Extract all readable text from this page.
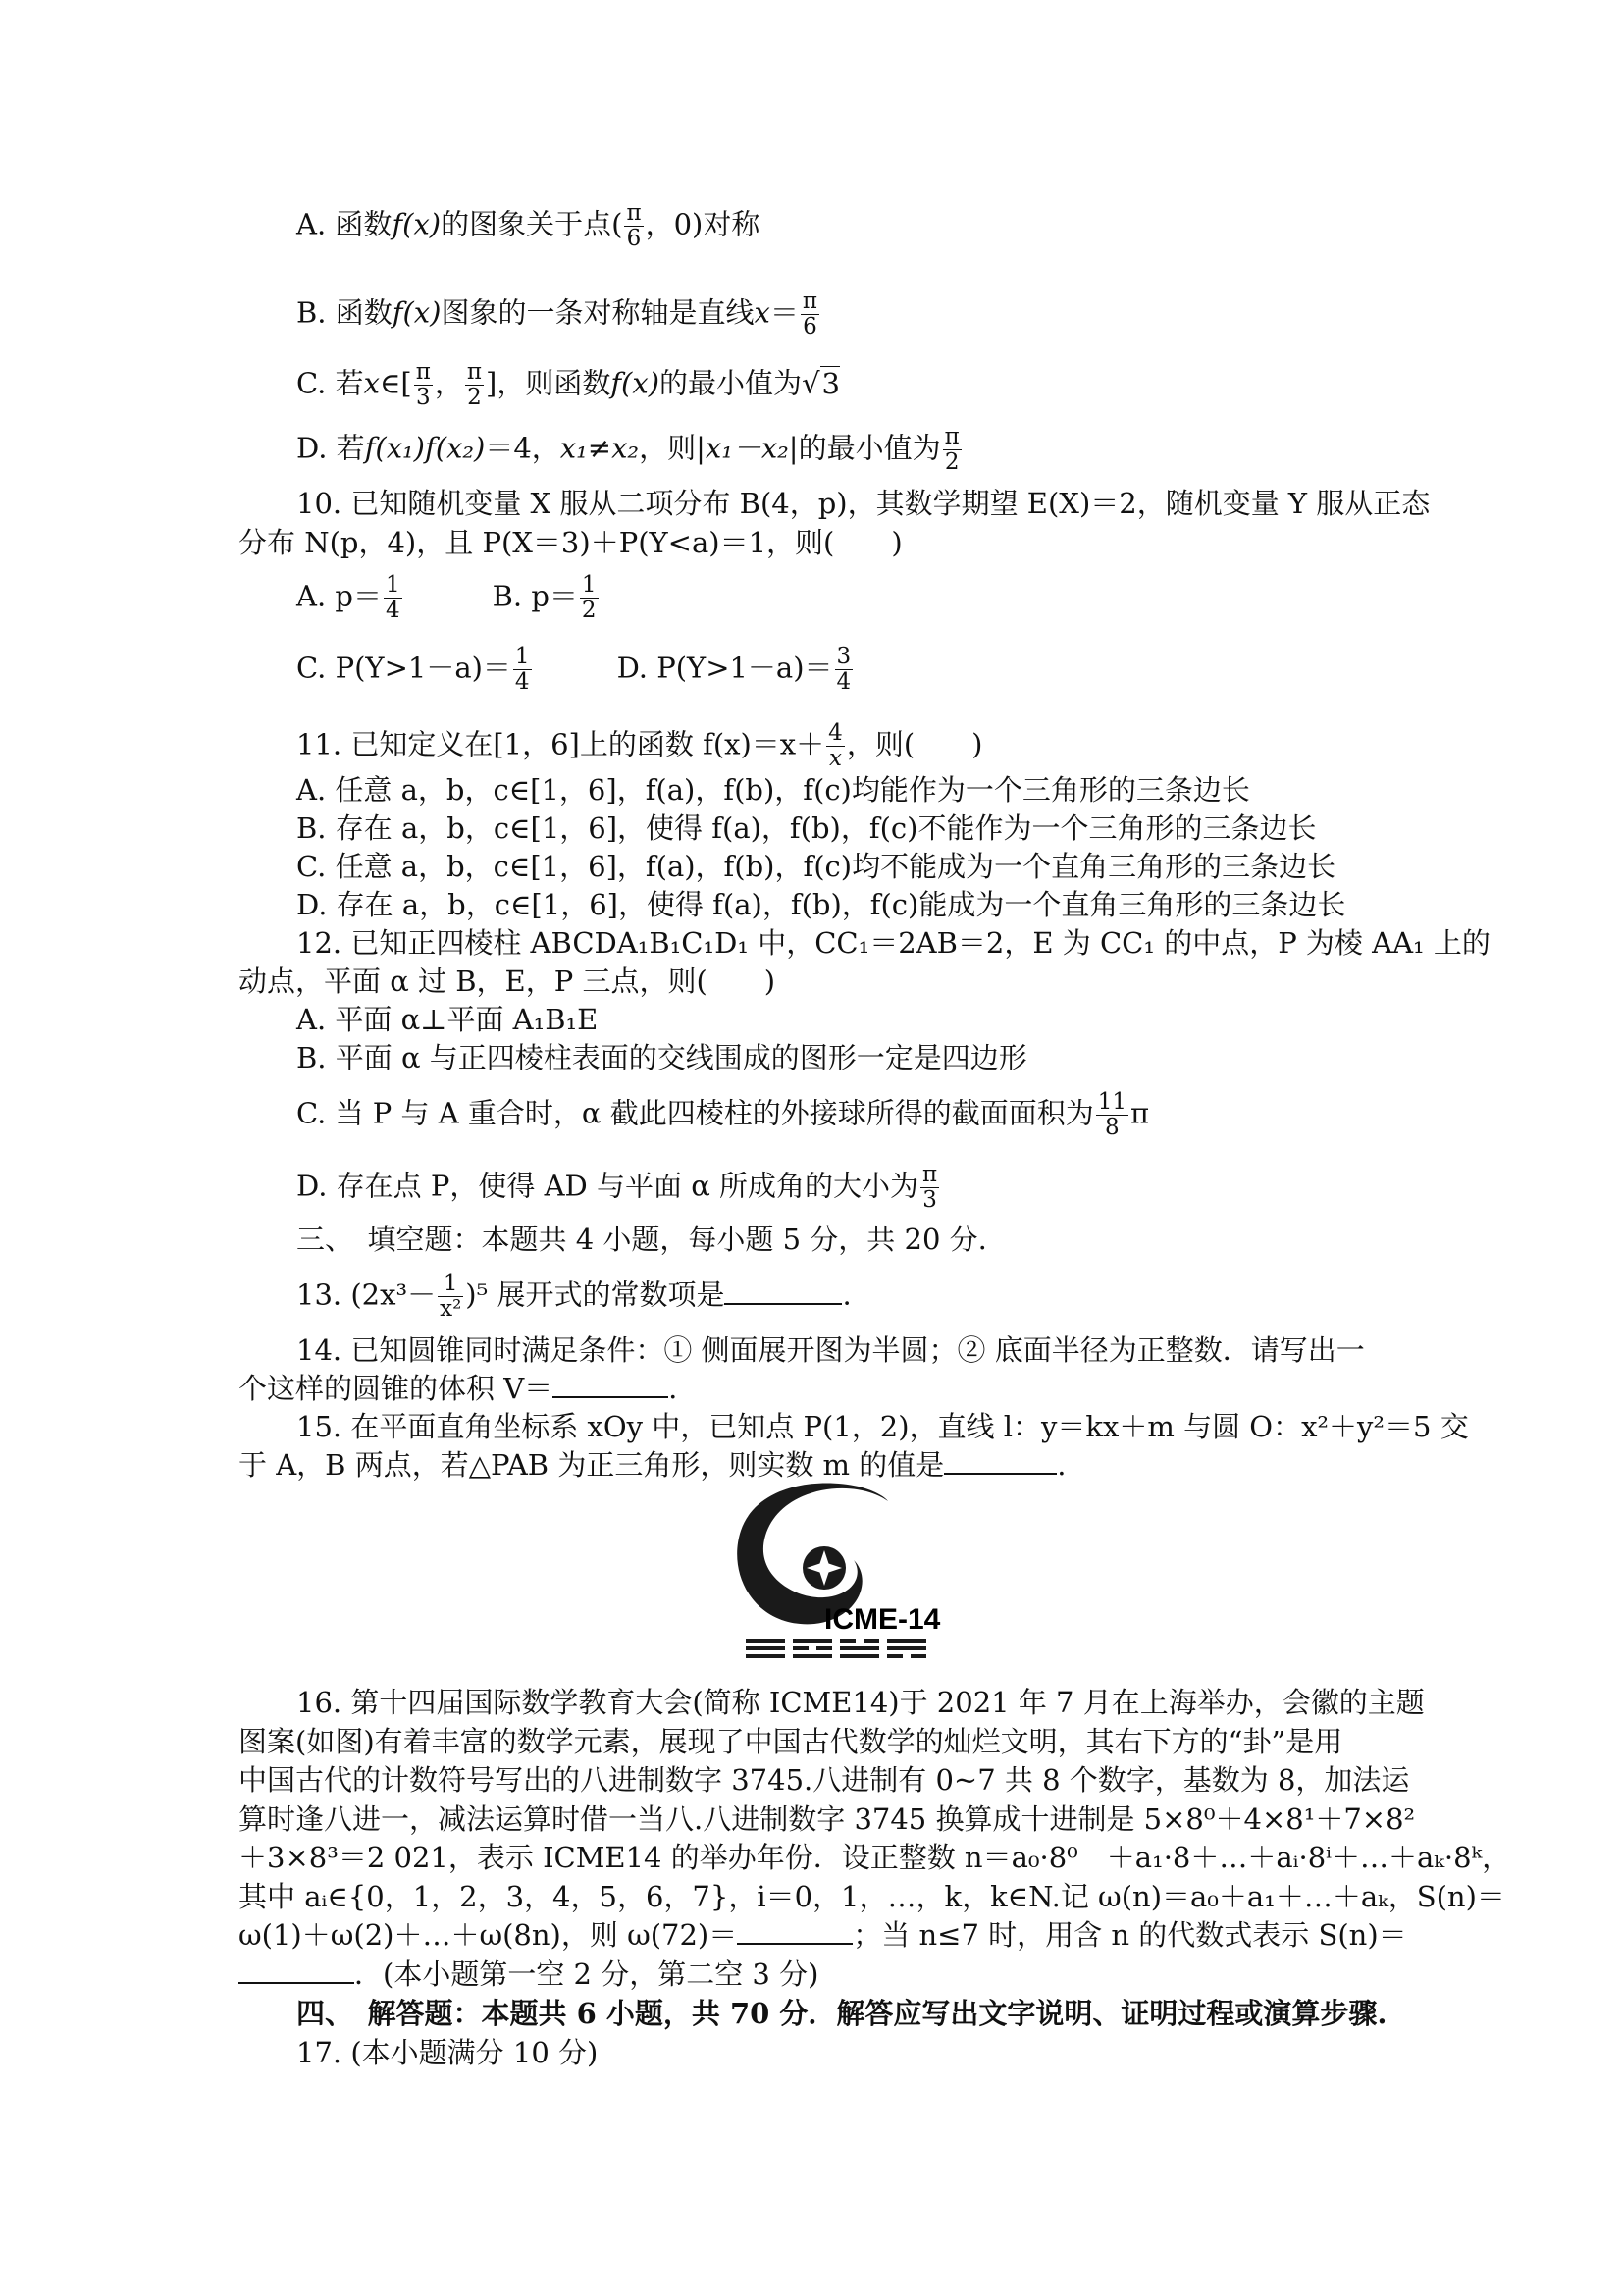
A. 函数f(x)的图象关于点( $\frac{\pi}{6}$ ，0)对称
B. 函数f(x)图象的一条对称轴是直线$x= \frac{\pi}{6}$
C. 若x∈[ $\frac{\pi}{3}$ ， $\frac{\pi}{2}$ ]，则函数f(x)的最小值为√3
D. 若f(x₁)f(x₂)＝4，x₁≠x₂，则|x₁－x₂|的最小值为 $\frac{\pi}{2}$
10. 已知随机变量 X 服从二项分布 B(4，p)，其数学期望 E(X)＝2，随机变量 Y 服从正态
分布 N(p，4)，且 P(X＝3)＋P(Y<a)＝1，则(　　)
A. $p= \frac{1}{4}$	B. $p= \frac{1}{2}$
C. $P(Y>1-a)= \frac{1}{4}$	D. $P(Y>1-a)= \frac{3}{4}$
11. 已知定义在[1，6]上的函数 $f(x)=x+ \frac{4}{x}$ ，则(　　)
A. 任意 a，b，c∈[1，6]，f(a)，f(b)，f(c)均能作为一个三角形的三条边长
B. 存在 a，b，c∈[1，6]，使得 f(a)，f(b)，f(c)不能作为一个三角形的三条边长
C. 任意 a，b，c∈[1，6]，f(a)，f(b)，f(c)均不能成为一个直角三角形的三条边长
D. 存在 a，b，c∈[1，6]，使得 f(a)，f(b)，f(c)能成为一个直角三角形的三条边长
12. 已知正四棱柱 ABCDA₁B₁C₁D₁ 中，CC₁＝2AB＝2，E 为 CC₁ 的中点，P 为棱 AA₁ 上的
动点，平面 α 过 B，E，P 三点，则(　　)
A. 平面 α⊥平面 A₁B₁E
B. 平面 α 与正四棱柱表面的交线围成的图形一定是四边形
C. 当 P 与 A 重合时，α 截此四棱柱的外接球所得的截面面积为 $\frac{11}{8}$ π
D. 存在点 P，使得 AD 与平面 α 所成角的大小为 $\frac{\pi}{3}$
三、　填空题：本题共 4 小题，每小题 5 分，共 20 分.
13. $(2x^3- \frac{1}{\text{x²}} )^5$ 展开式的常数项是	.
14. 已知圆锥同时满足条件：① 侧面展开图为半圆；② 底面半径为正整数．请写出一
个这样的圆锥的体积 V＝	.
15. 在平面直角坐标系 xOy 中，已知点 P(1，2)，直线 l：y＝kx＋m 与圆 O：x²＋y²＝5 交
于 A，B 两点，若△PAB 为正三角形，则实数 m 的值是	.
ICME-14
16. 第十四届国际数学教育大会(简称 ICME14)于 2021 年 7 月在上海举办，会徽的主题
图案(如图)有着丰富的数学元素，展现了中国古代数学的灿烂文明，其右下方的“卦”是用
中国古代的计数符号写出的八进制数字 3745.八进制有 0~7 共 8 个数字，基数为 8，加法运
算时逢八进一，减法运算时借一当八.八进制数字 3745 换算成十进制是 5×8⁰＋4×8¹＋7×8²
＋3×8³＝2 021，表示 ICME14 的举办年份．设正整数 n＝a₀·8⁰　＋a₁·8＋…＋aᵢ·8ⁱ＋…＋aₖ·8ᵏ，
其中 aᵢ∈{0，1，2，3，4，5，6，7}，i＝0，1，…，k，k∈N.记 ω(n)＝a₀＋a₁＋…＋aₖ，S(n)＝
ω(1)＋ω(2)＋…＋ω(8n)，则 ω(72)＝	；当 n≤7 时，用含 n 的代数式表示 S(n)＝
．(本小题第一空 2 分，第二空 3 分)
四、　解答题：本题共 6 小题，共 70 分．解答应写出文字说明、证明过程或演算步骤.
17. (本小题满分 10 分)
